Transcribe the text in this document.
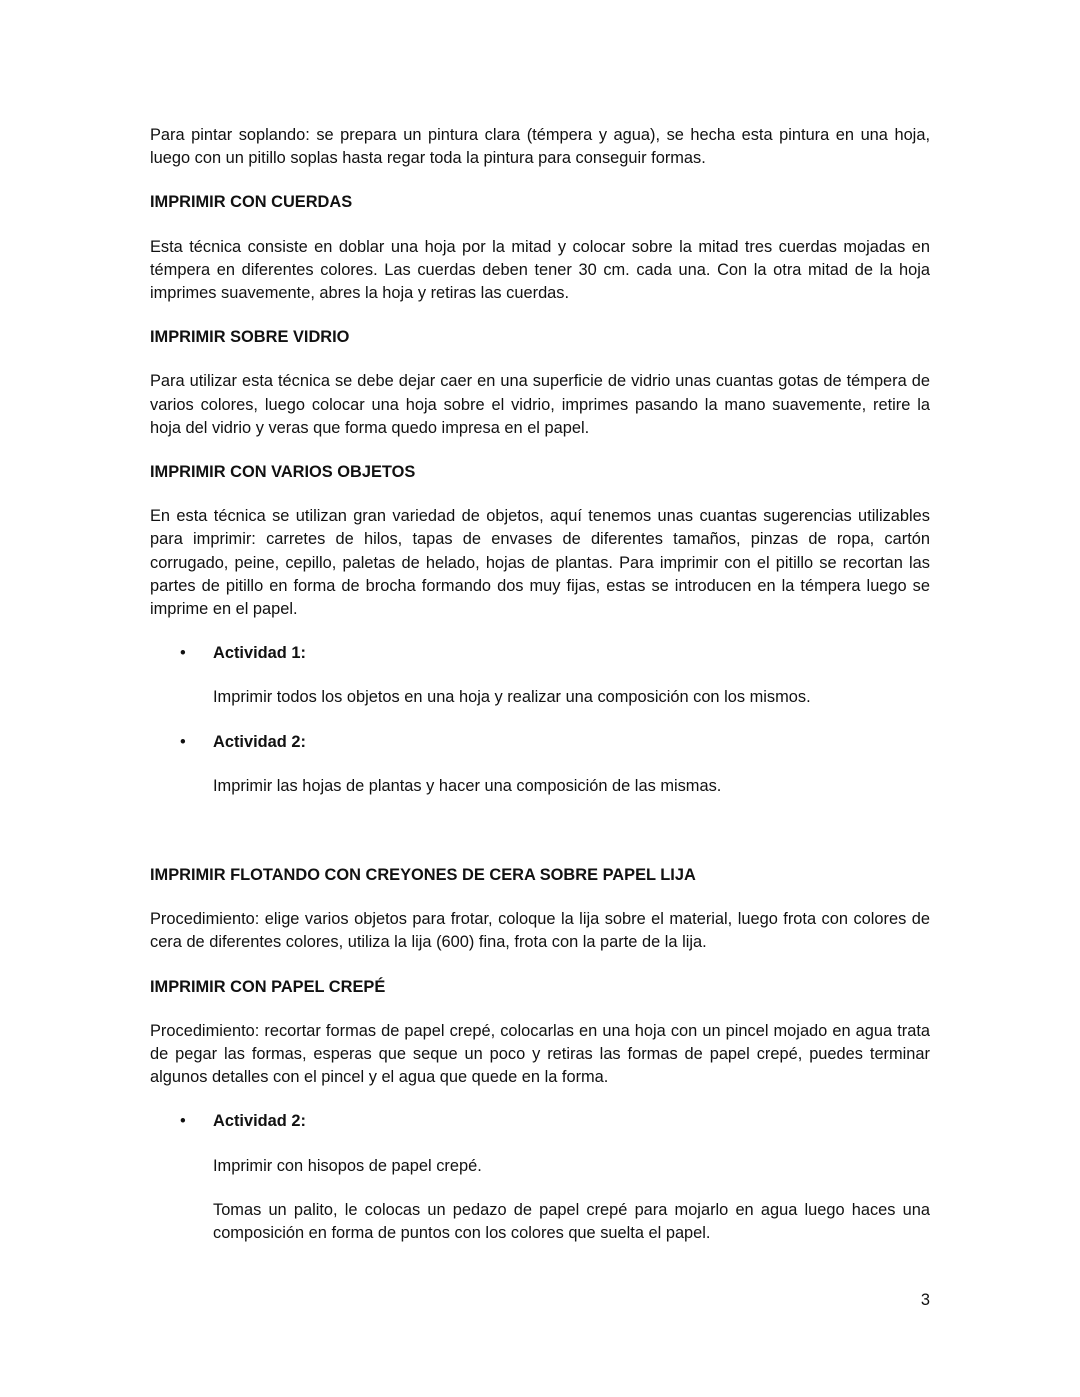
Para pintar soplando: se prepara un pintura clara (témpera y agua), se hecha esta pintura en una hoja, luego con un pitillo soplas hasta regar toda la pintura para conseguir formas.

IMPRIMIR CON CUERDAS

Esta técnica consiste en doblar una hoja por la mitad y colocar sobre la mitad tres cuerdas mojadas en témpera en diferentes colores. Las cuerdas deben tener 30 cm. cada una. Con la otra mitad de la hoja imprimes suavemente, abres la hoja y retiras las cuerdas.

IMPRIMIR SOBRE VIDRIO

Para utilizar esta técnica se debe dejar caer en una superficie de vidrio unas cuantas gotas de témpera de varios colores, luego colocar una hoja sobre el vidrio, imprimes pasando la mano suavemente, retire la hoja del vidrio y veras que forma quedo impresa en el papel.

IMPRIMIR CON VARIOS OBJETOS

En esta técnica se utilizan gran variedad de objetos, aquí tenemos unas cuantas sugerencias utilizables para imprimir: carretes de hilos, tapas de envases de diferentes tamaños, pinzas de ropa, cartón corrugado, peine, cepillo, paletas de helado, hojas de plantas. Para imprimir con el pitillo se recortan las partes de pitillo en forma de brocha formando dos muy fijas, estas se introducen en la témpera luego se imprime en el papel.

• Actividad 1:

Imprimir todos los objetos en una hoja y realizar una composición con los mismos.

• Actividad 2:

Imprimir las hojas de plantas y hacer una composición de las mismas.

IMPRIMIR FLOTANDO CON CREYONES DE CERA SOBRE PAPEL LIJA

Procedimiento: elige varios objetos para frotar, coloque la lija sobre el material, luego frota con colores de cera de diferentes colores, utiliza la lija (600) fina, frota con la parte de la lija.

IMPRIMIR CON PAPEL CREPÉ

Procedimiento: recortar formas de papel crepé, colocarlas en una hoja con un pincel mojado en agua trata de pegar las formas, esperas que seque un poco y retiras las formas de papel crepé, puedes terminar algunos detalles con el pincel y el agua que quede en la forma.

• Actividad 2:

Imprimir con hisopos de papel crepé.

Tomas un palito, le colocas un pedazo de papel crepé para mojarlo en agua luego haces una composición en forma de puntos con los colores que suelta el papel.

3
